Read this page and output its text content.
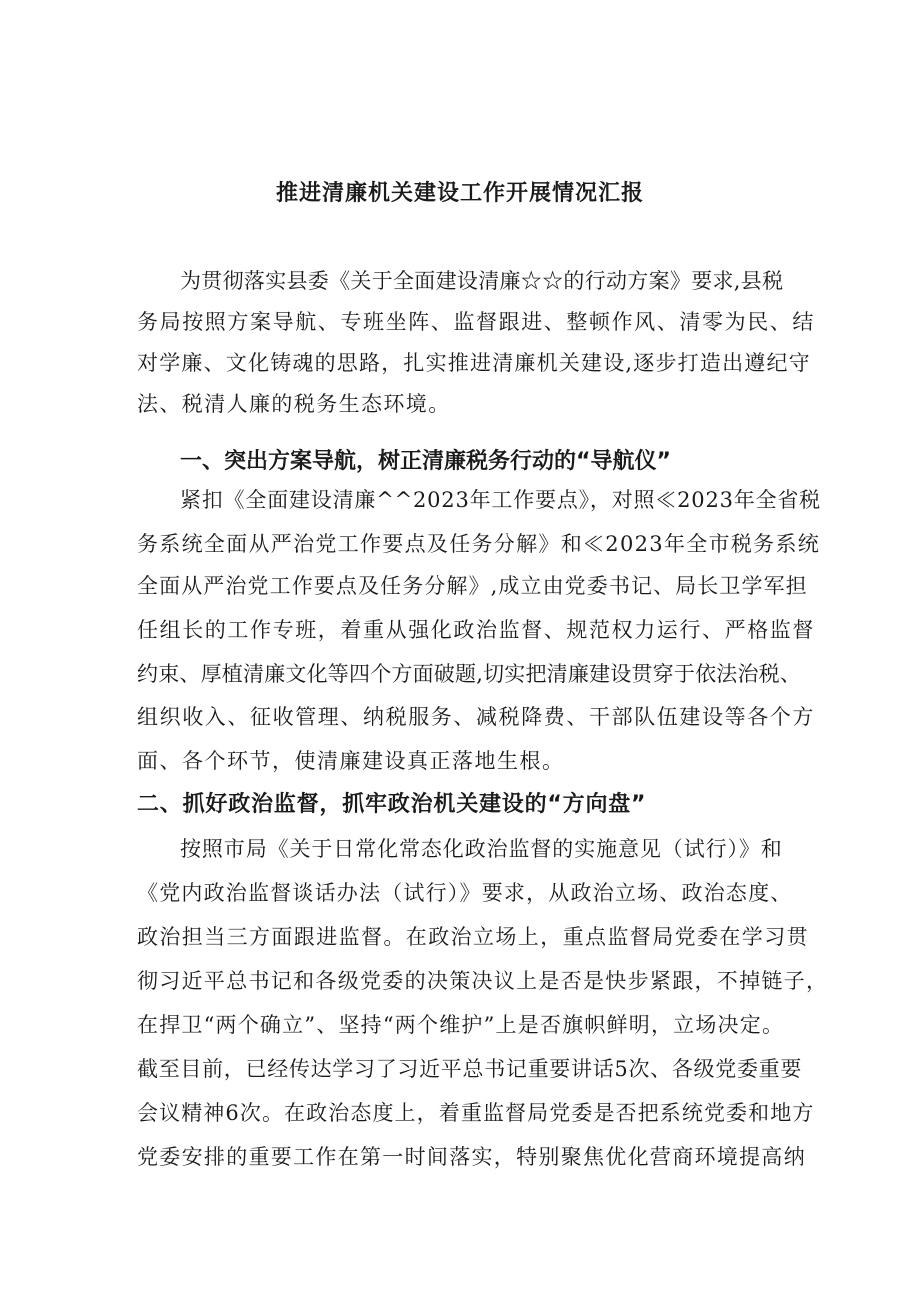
推进清廉机关建设工作开展情况汇报

为贯彻落实县委《关于全面建设清廉☆☆的行动方案》要求,县税

务局按照方案导航、专班坐阵、监督跟进、整顿作风、清零为民、结

对学廉、文化铸魂的思路，扎实推进清廉机关建设,逐步打造出遵纪守

法、税清人廉的税务生态环境。

一、突出方案导航，树正清廉税务行动的“导航仪”

紧扣《全面建设清廉^^2023年工作要点》，对照≪2023年全省税

务系统全面从严治党工作要点及任务分解》和≪2023年全市税务系统

全面从严治党工作要点及任务分解》,成立由党委书记、局长卫学军担

任组长的工作专班，着重从强化政治监督、规范权力运行、严格监督

约束、厚植清廉文化等四个方面破题,切实把清廉建设贯穿于依法治税、

组织收入、征收管理、纳税服务、减税降费、干部队伍建设等各个方

面、各个环节，使清廉建设真正落地生根。

二、抓好政治监督，抓牢政治机关建设的“方向盘”

按照市局《关于日常化常态化政治监督的实施意见（试行）》和

《党内政治监督谈话办法（试行）》要求，从政治立场、政治态度、

政治担当三方面跟进监督。在政治立场上，重点监督局党委在学习贯

彻习近平总书记和各级党委的决策决议上是否是快步紧跟，不掉链子，

在捍卫“两个确立”、坚持“两个维护”上是否旗帜鲜明，立场决定。

截至目前，已经传达学习了习近平总书记重要讲话5次、各级党委重要

会议精神6次。在政治态度上，着重监督局党委是否把系统党委和地方

党委安排的重要工作在第一时间落实，特别聚焦优化营商环境提高纳
